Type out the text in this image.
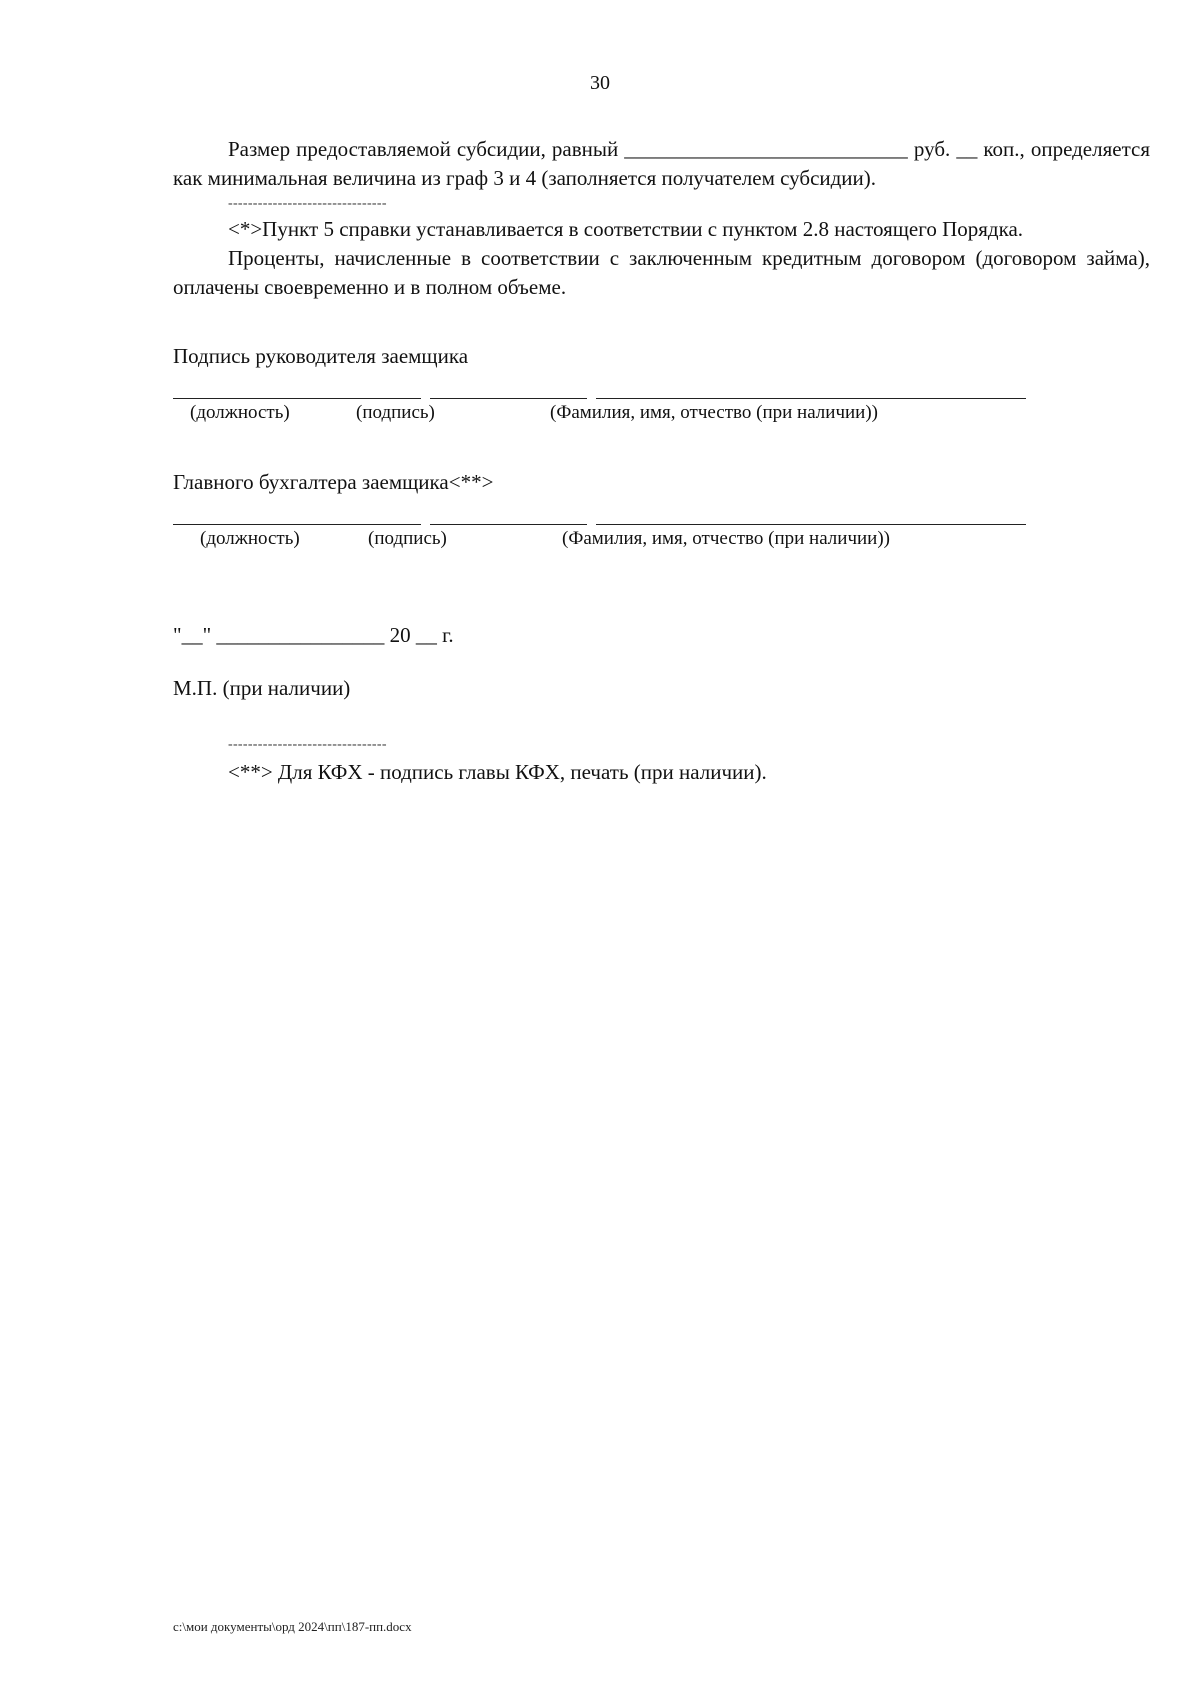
30

Размер предоставляемой субсидии, равный ___________________________ руб. __ коп., определяется как минимальная величина из граф 3 и 4 (заполняется получателем субсидии).

--------------------------------

<*>Пункт 5 справки устанавливается в соответствии с пунктом 2.8 настоящего Порядка.

Проценты, начисленные в соответствии с заключенным кредитным договором (договором займа), оплачены своевременно и в полном объеме.

Подпись руководителя заемщика
(должность)	(подпись)	(Фамилия, имя, отчество (при наличии))
Главного бухгалтера заемщика<**>
(должность)	(подпись)	(Фамилия, имя, отчество (при наличии))
"__" ________________ 20 __ г.
М.П. (при наличии)
--------------------------------

<**> Для КФХ - подпись главы КФХ, печать (при наличии).

c:\мои документы\орд 2024\пп\187-пп.docx
